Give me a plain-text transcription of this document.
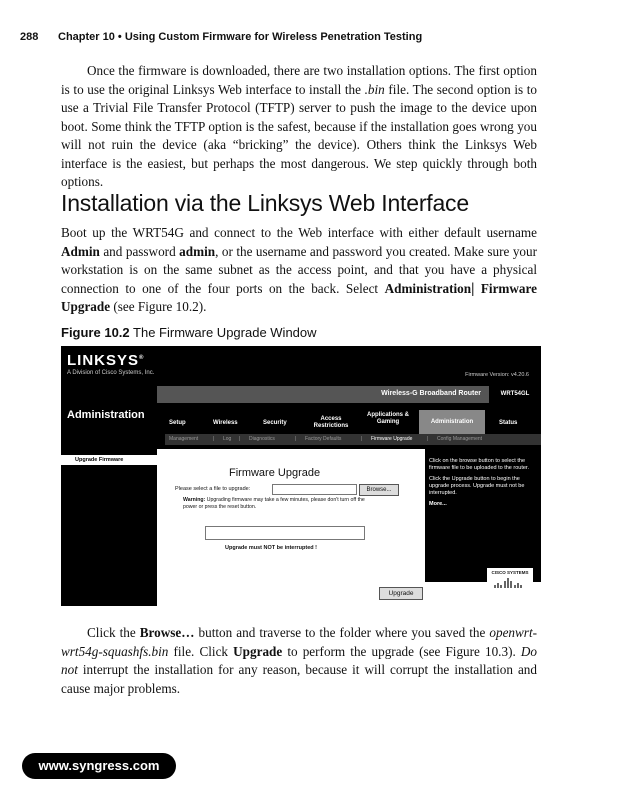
288 Chapter 10 • Using Custom Firmware for Wireless Penetration Testing
Once the firmware is downloaded, there are two installation options. The first option is to use the original Linksys Web interface to install the .bin file. The second option is to use a Trivial File Transfer Protocol (TFTP) server to push the image to the device upon boot. Some think the TFTP option is the safest, because if the installation goes wrong you will not ruin the device (aka “bricking” the device). Others think the Linksys Web interface is the easiest, but perhaps the most dangerous. We step quickly through both options.
Installation via the Linksys Web Interface
Boot up the WRT54G and connect to the Web interface with either default username Admin and password admin, or the username and password you created. Make sure your workstation is on the same subnet as the access point, and that you have a physical connection to one of the four ports on the back. Select Administration| Firmware Upgrade (see Figure 10.2).
Figure 10.2 The Firmware Upgrade Window
LINKSYS®
A Division of Cisco Systems, Inc.	Firmware Version: v4.20.6
Wireless-G Broadband Router	WRT54GL
Administration
Setup	Wireless	Security
Access Restrictions
Applications & Gaming	Administration	Status
Management	| Log | Diagnostics	| Factory Defaults	| Firmware Upgrade	| Config Management
Upgrade Firmware
Firmware Upgrade
Please select a file to upgrade:	Browse...
Warning: Upgrading firmware may take a few minutes, please don't turn off the power or press the reset button.
Upgrade must NOT be interrupted !
Upgrade

Click on the browse button to select the firmware file to be uploaded to the router.

Click the Upgrade button to begin the upgrade process. Upgrade must not be interrupted.

More...

CISCO SYSTEMS
Click the Browse… button and traverse to the folder where you saved the openwrt-wrt54g-squashfs.bin file. Click Upgrade to perform the upgrade (see Figure 10.3). Do not interrupt the installation for any reason, because it will corrupt the installation and cause major problems.
www.syngress.com
